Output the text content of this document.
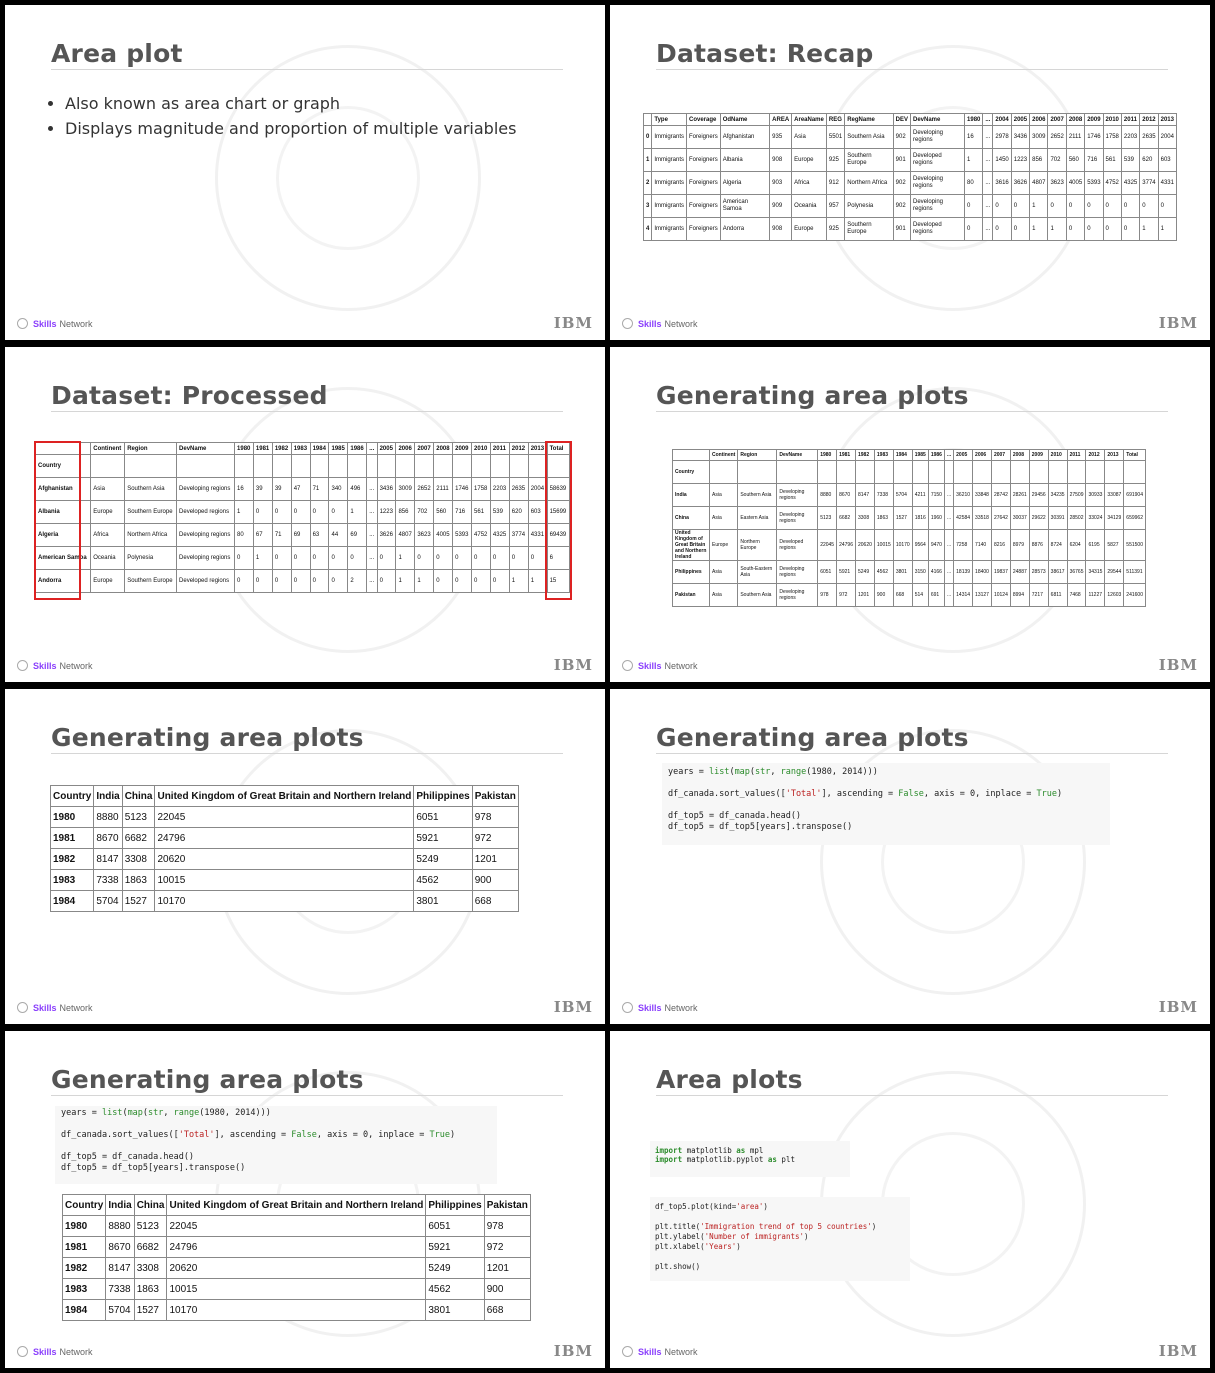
Area plot
• Also known as area chart or graph
• Displays magnitude and proportion of multiple variables
Skills Network	IBM
Dataset: Recap
	Type	Coverage	OdName	AREA	AreaName	REG	RegName	DEV	DevName	1980	...	2004	2005	2006	2007	2008	2009	2010	2011	2012	2013
0	Immigrants	Foreigners	Afghanistan	935	Asia	5501	Southern Asia	902	Developing regions	16	...	2978	3436	3009	2652	2111	1746	1758	2203	2635	2004
1	Immigrants	Foreigners	Albania	908	Europe	925	Southern Europe	901	Developed regions	1	...	1450	1223	856	702	560	716	561	539	620	603
2	Immigrants	Foreigners	Algeria	903	Africa	912	Northern Africa	902	Developing regions	80	...	3616	3626	4807	3623	4005	5393	4752	4325	3774	4331
3	Immigrants	Foreigners	American Samoa	909	Oceania	957	Polynesia	902	Developing regions	0	...	0	0	1	0	0	0	0	0	0	0
4	Immigrants	Foreigners	Andorra	908	Europe	925	Southern Europe	901	Developed regions	0	...	0	0	1	1	0	0	0	0	1	1
Skills Network	IBM
Dataset: Processed
	Continent	Region	DevName	1980	1981	1982	1983	1984	1985	1986	...	2005	2006	2007	2008	2009	2010	2011	2012	2013	Total
Country																					
Afghanistan	Asia	Southern Asia	Developing regions	16	39	39	47	71	340	496	...	3436	3009	2652	2111	1746	1758	2203	2635	2004	58639
Albania	Europe	Southern Europe	Developed regions	1	0	0	0	0	0	1	...	1223	856	702	560	716	561	539	620	603	15699
Algeria	Africa	Northern Africa	Developing regions	80	67	71	69	63	44	69	...	3626	4807	3623	4005	5393	4752	4325	3774	4331	69439
American Samoa	Oceania	Polynesia	Developing regions	0	1	0	0	0	0	0	...	0	1	0	0	0	0	0	0	0	6
Andorra	Europe	Southern Europe	Developed regions	0	0	0	0	0	0	2	...	0	1	1	0	0	0	0	1	1	15
Skills Network	IBM
Generating area plots
	Continent	Region	DevName	1980	1981	1982	1983	1984	1985	1986	...	2005	2006	2007	2008	2009	2010	2011	2012	2013	Total
Country																					
India	Asia	Southern Asia	Developing regions	8880	8670	8147	7338	5704	4211	7150	...	36210	33848	28742	28261	29456	34235	27509	30933	33087	691904
China	Asia	Eastern Asia	Developing regions	5123	6682	3308	1863	1527	1816	1960	...	42584	33518	27642	30037	29622	30391	28502	33024	34129	659962
United Kingdom of Great Britain and Northern Ireland	Europe	Northern Europe	Developed regions	22045	24796	20620	10015	10170	9564	9470	...	7258	7140	8216	8979	8876	8724	6204	6195	5827	551500
Philippines	Asia	South-Eastern Asia	Developing regions	6051	5921	5249	4562	3801	3150	4166	...	18139	18400	19837	24887	28573	38617	36765	34315	29544	511391
Pakistan	Asia	Southern Asia	Developing regions	978	972	1201	900	668	514	691	...	14314	13127	10124	8994	7217	6811	7468	11227	12603	241600
Skills Network	IBM
Generating area plots
Country	India	China	United Kingdom of Great Britain and Northern Ireland	Philippines	Pakistan
1980	8880	5123	22045	6051	978
1981	8670	6682	24796	5921	972
1982	8147	3308	20620	5249	1201
1983	7338	1863	10015	4562	900
1984	5704	1527	10170	3801	668
Skills Network	IBM
Generating area plots
years = list(map(str, range(1980, 2014)))

df_canada.sort_values(['Total'], ascending = False, axis = 0, inplace = True)

df_top5 = df_canada.head()
df_top5 = df_top5[years].transpose()
Skills Network	IBM
Generating area plots
years = list(map(str, range(1980, 2014)))

df_canada.sort_values(['Total'], ascending = False, axis = 0, inplace = True)

df_top5 = df_canada.head()
df_top5 = df_top5[years].transpose()
Country	India	China	United Kingdom of Great Britain and Northern Ireland	Philippines	Pakistan
1980	8880	5123	22045	6051	978
1981	8670	6682	24796	5921	972
1982	8147	3308	20620	5249	1201
1983	7338	1863	10015	4562	900
1984	5704	1527	10170	3801	668
Skills Network	IBM
Area plots
import matplotlib as mpl
import matplotlib.pyplot as plt
df_top5.plot(kind='area')

plt.title('Immigration trend of top 5 countries')
plt.ylabel('Number of immigrants')
plt.xlabel('Years')

plt.show()
Skills Network	IBM
